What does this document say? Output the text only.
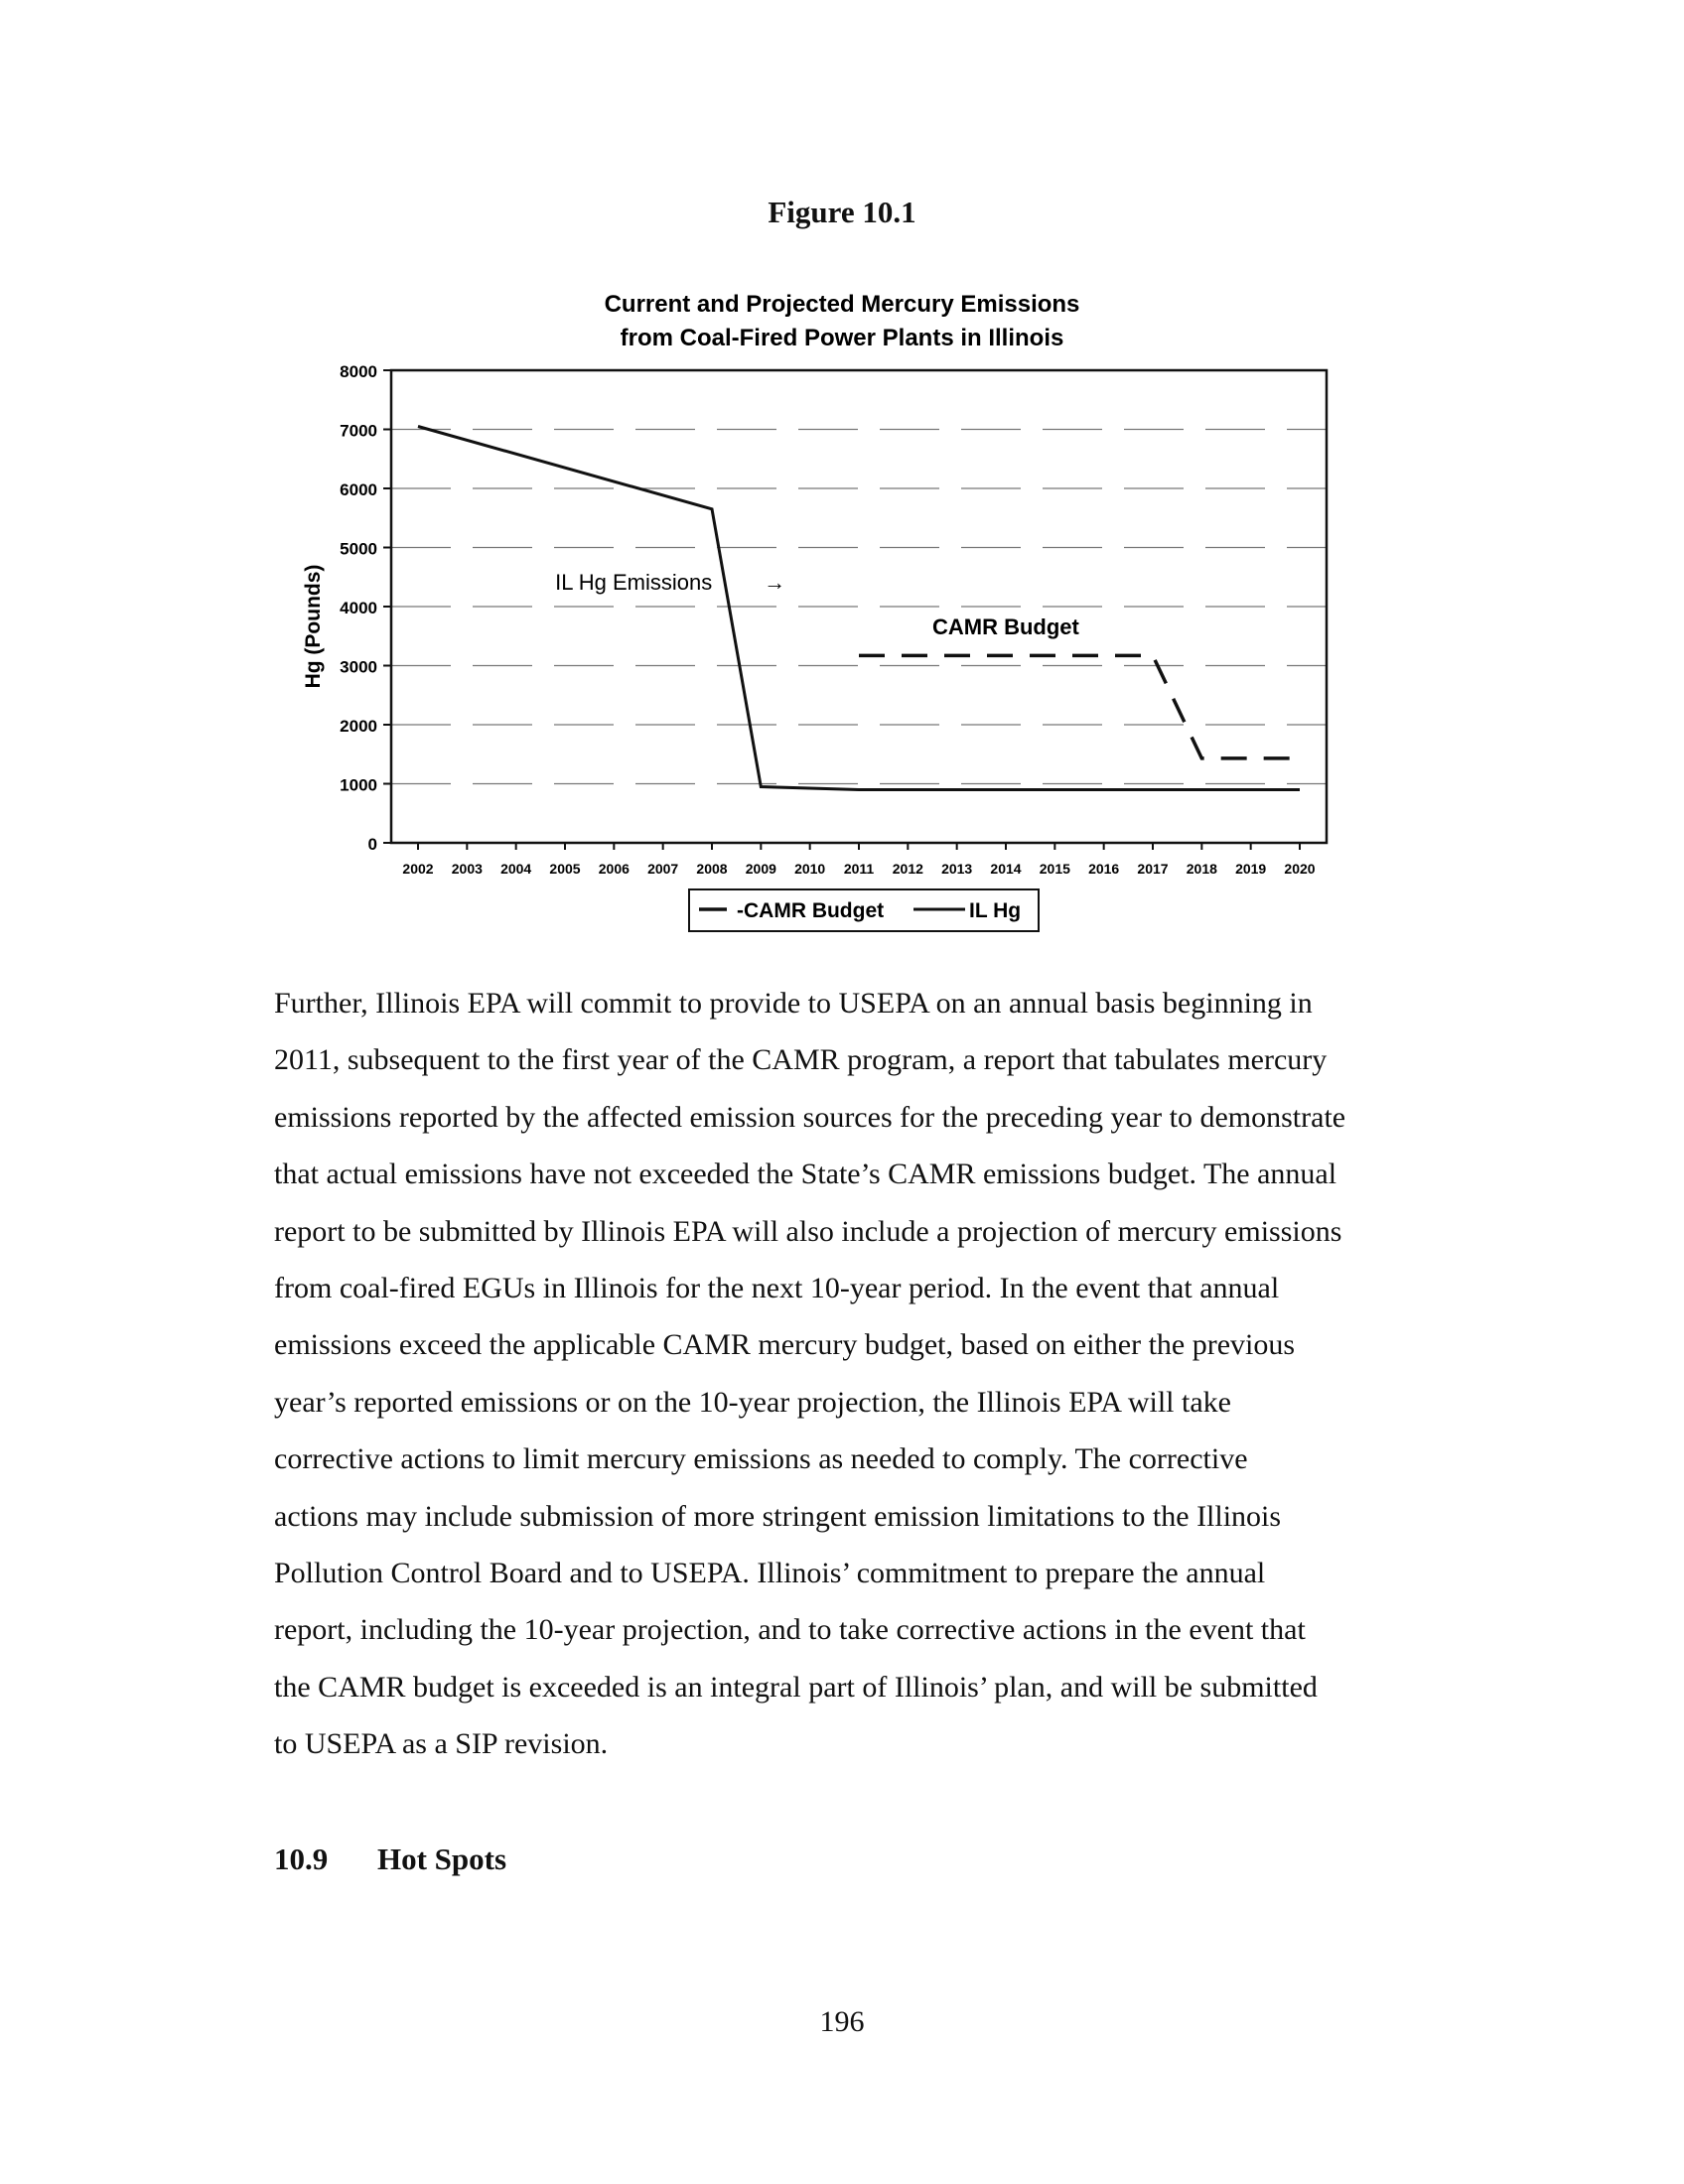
Figure 10.1
Current and Projected Mercury Emissions
from Coal-Fired Power Plants in Illinois
0
1000
2000
3000
4000
5000
6000
7000
8000
Hg (Pounds)
2002 2003 2004 2005 2006 2007 2008 2009 2010 2011 2012 2013 2014 2015 2016 2017 2018 2019 2020
IL Hg Emissions →
CAMR Budget
-CAMR Budget	IL Hg
Further, Illinois EPA will commit to provide to USEPA on an annual basis beginning in
2011, subsequent to the first year of the CAMR program, a report that tabulates mercury
emissions reported by the affected emission sources for the preceding year to demonstrate
that actual emissions have not exceeded the State’s CAMR emissions budget. The annual
report to be submitted by Illinois EPA will also include a projection of mercury emissions
from coal-fired EGUs in Illinois for the next 10-year period. In the event that annual
emissions exceed the applicable CAMR mercury budget, based on either the previous
year’s reported emissions or on the 10-year projection, the Illinois EPA will take
corrective actions to limit mercury emissions as needed to comply. The corrective
actions may include submission of more stringent emission limitations to the Illinois
Pollution Control Board and to USEPA. Illinois’ commitment to prepare the annual
report, including the 10-year projection, and to take corrective actions in the event that
the CAMR budget is exceeded is an integral part of Illinois’ plan, and will be submitted
to USEPA as a SIP revision.
10.9 Hot Spots
196
